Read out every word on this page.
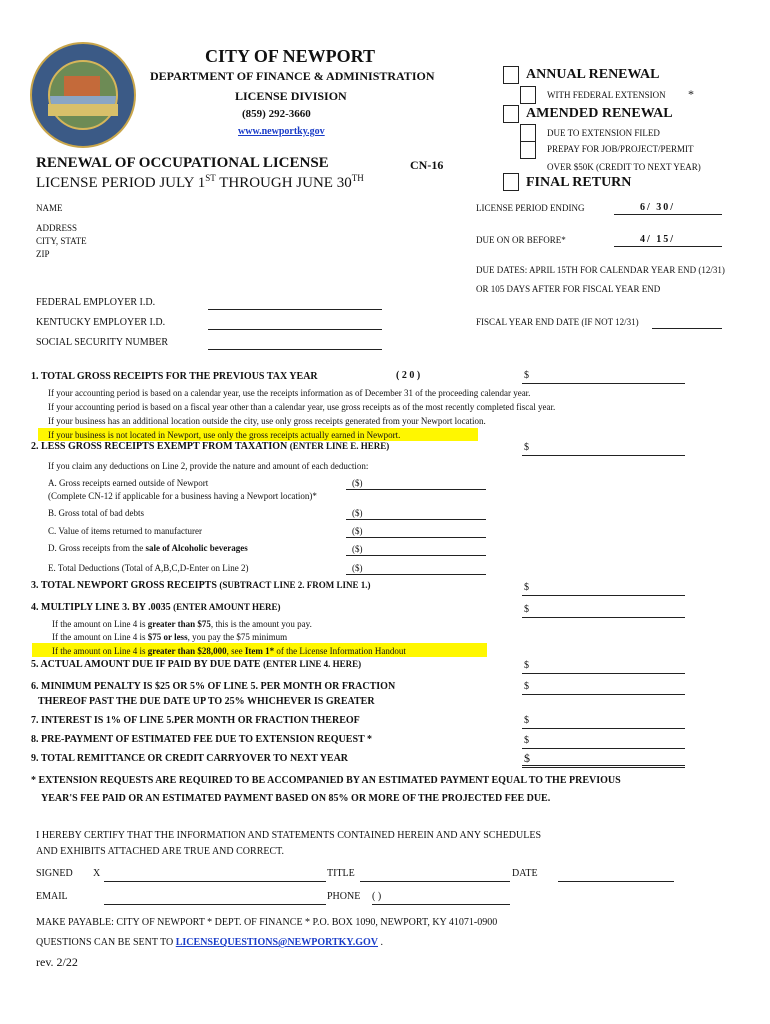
CITY OF NEWPORT
DEPARTMENT OF FINANCE & ADMINISTRATION
LICENSE DIVISION
(859) 292-3660
www.newportky.gov
ANNUAL RENEWAL
WITH FEDERAL EXTENSION *
AMENDED RENEWAL
DUE TO EXTENSION FILED
PREPAY FOR JOB/PROJECT/PERMIT
OVER $50K (CREDIT TO NEXT YEAR)
FINAL RETURN
RENEWAL OF OCCUPATIONAL LICENSE	CN-16
LICENSE PERIOD JULY 1ST THROUGH JUNE 30TH
NAME
ADDRESS
CITY, STATE
ZIP
LICENSE PERIOD ENDING	6/ 30/
DUE ON OR BEFORE*	4/ 15/
DUE DATES: APRIL 15TH FOR CALENDAR YEAR END (12/31)
OR 105 DAYS AFTER FOR FISCAL YEAR END
FEDERAL EMPLOYER I.D.
KENTUCKY EMPLOYER I.D.
SOCIAL SECURITY NUMBER
FISCAL YEAR END DATE (IF NOT 12/31)
1. TOTAL GROSS RECEIPTS FOR THE PREVIOUS TAX YEAR	( 2 0 )	$
If your accounting period is based on a calendar year, use the receipts information as of December 31 of the proceeding calendar year.
If your accounting period is based on a fiscal year other than a calendar year, use gross receipts as of the most recently completed fiscal year.
If your business has an additional location outside the city, use only gross receipts generated from your Newport location.
If your business is not located in Newport, use only the gross receipts actually earned in Newport.
2. LESS GROSS RECEIPTS EXEMPT FROM TAXATION (ENTER LINE E. HERE)	$
If you claim any deductions on Line 2, provide the nature and amount of each deduction:
A. Gross receipts earned outside of Newport
(Complete CN-12 if applicable for a business having a Newport location)*
($)
B. Gross total of bad debts	($)
C. Value of items returned to manufacturer	($)
D. Gross receipts from the sale of Alcoholic beverages	($)
E. Total Deductions (Total of A,B,C,D-Enter on Line 2)	($)
3. TOTAL NEWPORT GROSS RECEIPTS (SUBTRACT LINE 2. FROM LINE 1.)	$
4. MULTIPLY LINE 3. BY .0035 (ENTER AMOUNT HERE)	$
If the amount on Line 4 is greater than $75, this is the amount you pay.
If the amount on Line 4 is $75 or less, you pay the $75 minimum
If the amount on Line 4 is greater than $28,000, see Item 1* of the License Information Handout
5. ACTUAL AMOUNT DUE IF PAID BY DUE DATE (ENTER LINE 4. HERE)	$
6. MINIMUM PENALTY IS $25 OR 5% OF LINE 5. PER MONTH OR FRACTION
THEREOF PAST THE DUE DATE UP TO 25% WHICHEVER IS GREATER
$
7. INTEREST IS 1% OF LINE 5.PER MONTH OR FRACTION THEREOF	$
8. PRE-PAYMENT OF ESTIMATED FEE DUE TO EXTENSION REQUEST *	$
9. TOTAL REMITTANCE OR CREDIT CARRYOVER TO NEXT YEAR	$
* EXTENSION REQUESTS ARE REQUIRED TO BE ACCOMPANIED BY AN ESTIMATED PAYMENT EQUAL TO THE PREVIOUS
YEAR'S FEE PAID OR AN ESTIMATED PAYMENT BASED ON 85% OR MORE OF THE PROJECTED FEE DUE.
I HEREBY CERTIFY THAT THE INFORMATION AND STATEMENTS CONTAINED HEREIN AND ANY SCHEDULES
AND EXHIBITS ATTACHED ARE TRUE AND CORRECT.
SIGNED X	TITLE	DATE
EMAIL	PHONE ( )
MAKE PAYABLE: CITY OF NEWPORT * DEPT. OF FINANCE * P.O. BOX 1090, NEWPORT, KY 41071-0900
QUESTIONS CAN BE SENT TO LICENSEQUESTIONS@NEWPORTKY.GOV .
rev. 2/22
